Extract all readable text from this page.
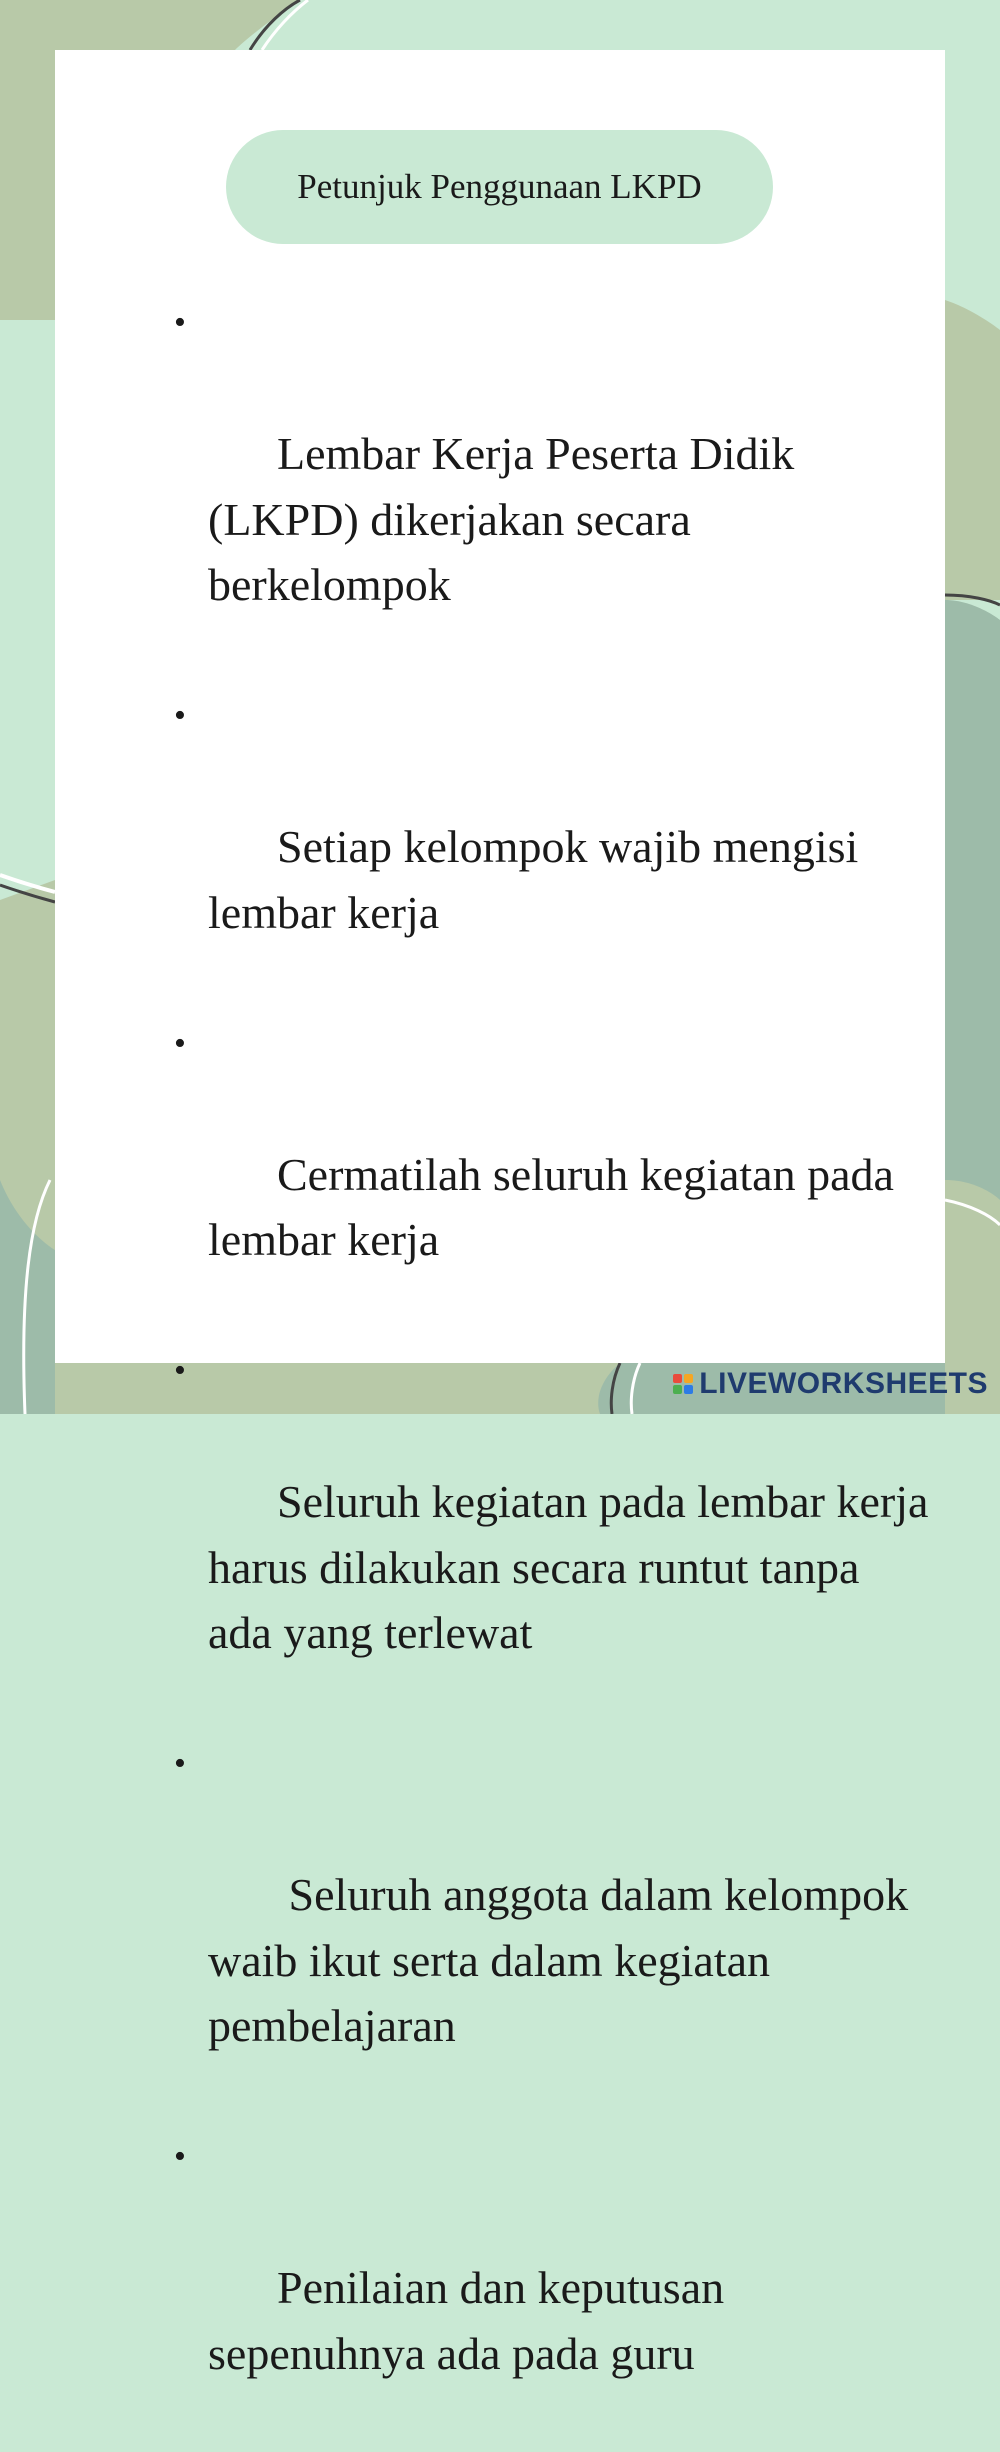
Petunjuk Penggunaan LKPD

•

Lembar Kerja Peserta Didik
(LKPD) dikerjakan secara
berkelompok

•

Setiap kelompok wajib mengisi
lembar kerja

•

Cermatilah seluruh kegiatan pada
lembar kerja

•

Seluruh kegiatan pada lembar kerja
harus dilakukan secara runtut tanpa
ada yang terlewat

•

Seluruh anggota dalam kelompok
waib ikut serta dalam kegiatan
pembelajaran

•

Penilaian dan keputusan
sepenuhnya ada pada guru

LIVEWORKSHEETS
